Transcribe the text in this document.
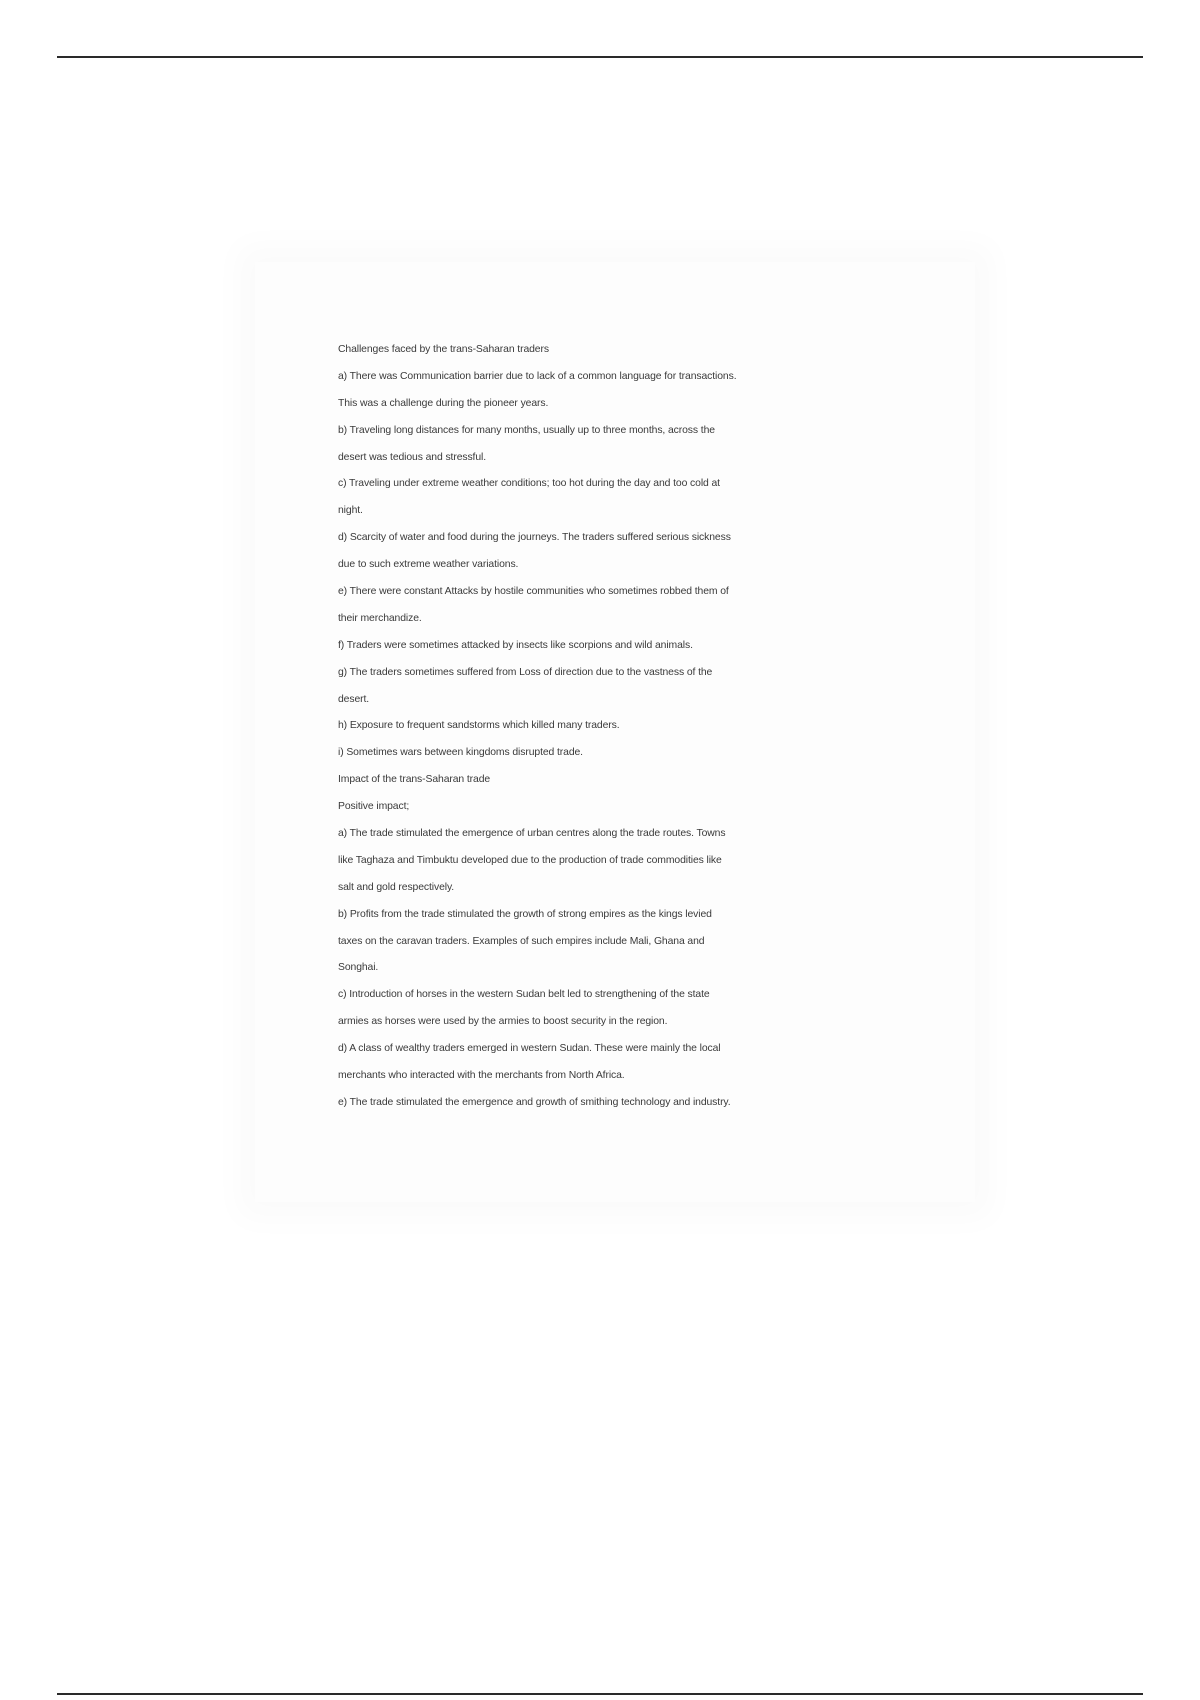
Challenges faced by the trans-Saharan traders
a) There was Communication barrier due to lack of a common language for transactions.
This was a challenge during the pioneer years.
b) Traveling long distances for many months, usually up to three months, across the
desert was tedious and stressful.
c) Traveling under extreme weather conditions; too hot during the day and too cold at
night.
d) Scarcity of water and food during the journeys. The traders suffered serious sickness
due to such extreme weather variations.
e) There were constant Attacks by hostile communities who sometimes robbed them of
their merchandize.
f) Traders were sometimes attacked by insects like scorpions and wild animals.
g) The traders sometimes suffered from Loss of direction due to the vastness of the
desert.
h) Exposure to frequent sandstorms which killed many traders.
i) Sometimes wars between kingdoms disrupted trade.
Impact of the trans-Saharan trade
Positive impact;
a) The trade stimulated the emergence of urban centres along the trade routes. Towns
like Taghaza and Timbuktu developed due to the production of trade commodities like
salt and gold respectively.
b) Profits from the trade stimulated the growth of strong empires as the kings levied
taxes on the caravan traders. Examples of such empires include Mali, Ghana and
Songhai.
c) Introduction of horses in the western Sudan belt led to strengthening of the state
armies as horses were used by the armies to boost security in the region.
d) A class of wealthy traders emerged in western Sudan. These were mainly the local
merchants who interacted with the merchants from North Africa.
e) The trade stimulated the emergence and growth of smithing technology and industry.
